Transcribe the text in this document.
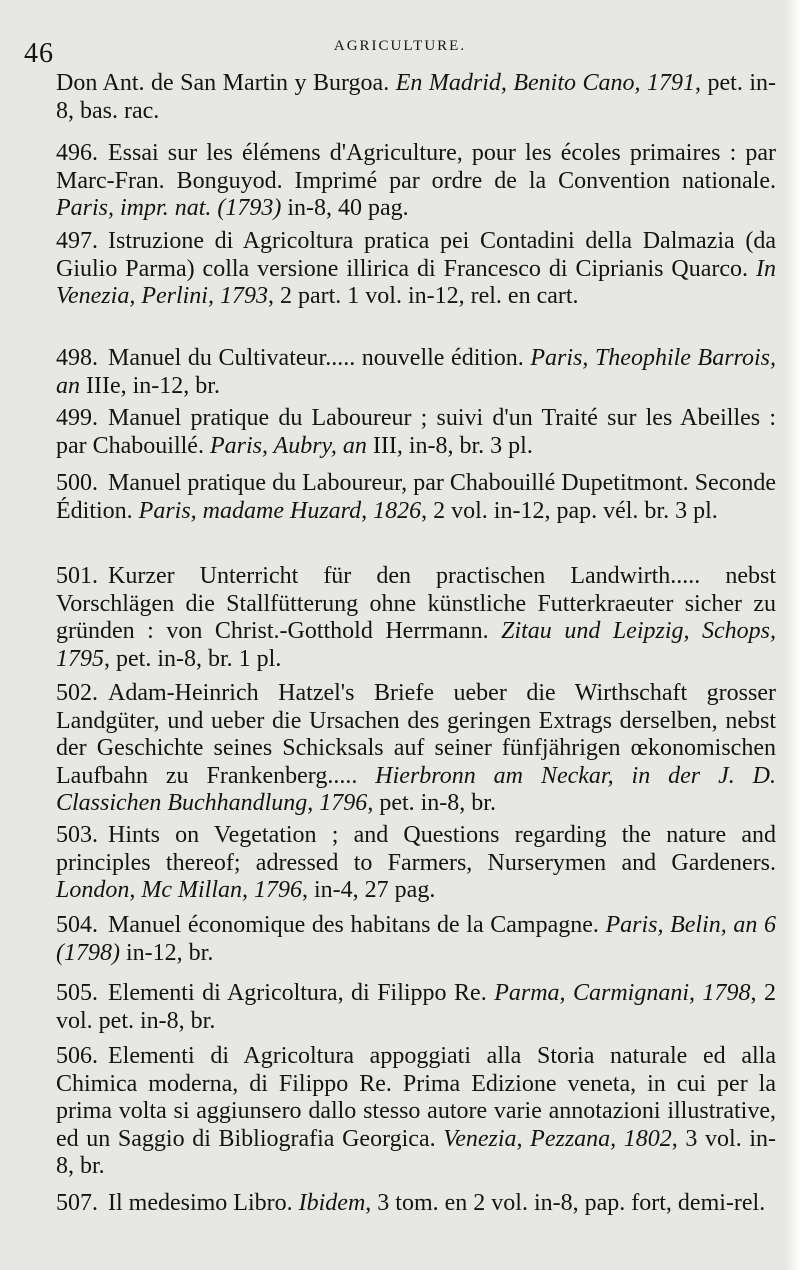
46	AGRICULTURE.

Don Ant. de San Martin y Burgoa. En Madrid, Benito Cano, 1791, pet. in-8, bas. rac.

496. Essai sur les élémens d'Agriculture, pour les écoles primaires : par Marc-Fran. Bonguyod. Imprimé par ordre de la Convention nationale. Paris, impr. nat. (1793) in-8, 40 pag.

497. Istruzione di Agricoltura pratica pei Contadini della Dalmazia (da Giulio Parma) colla versione illirica di Francesco di Ciprianis Quarco. In Venezia, Perlini, 1793, 2 part. 1 vol. in-12, rel. en cart.

498. Manuel du Cultivateur..... nouvelle édition. Paris, Theophile Barrois, an IIIe, in-12, br.

499. Manuel pratique du Laboureur ; suivi d'un Traité sur les Abeilles : par Chabouillé. Paris, Aubry, an III, in-8, br. 3 pl.

500. Manuel pratique du Laboureur, par Chabouillé Dupetitmont. Seconde Édition. Paris, madame Huzard, 1826, 2 vol. in-12, pap. vél. br. 3 pl.

501. Kurzer Unterricht für den practischen Landwirth..... nebst Vorschlägen die Stallfütterung ohne künstliche Futterkraeuter sicher zu gründen : von Christ.-Gotthold Herrmann. Zitau und Leipzig, Schops, 1795, pet. in-8, br. 1 pl.

502. Adam-Heinrich Hatzel's Briefe ueber die Wirthschaft grosser Landgüter, und ueber die Ursachen des geringen Extrags derselben, nebst der Geschichte seines Schicksals auf seiner fünfjährigen œkonomischen Laufbahn zu Frankenberg..... Hierbronn am Neckar, in der J. D. Classichen Buchhandlung, 1796, pet. in-8, br.

503. Hints on Vegetation ; and Questions regarding the nature and principles thereof; adressed to Farmers, Nurserymen and Gardeners. London, Mc Millan, 1796, in-4, 27 pag.

504. Manuel économique des habitans de la Campagne. Paris, Belin, an 6 (1798) in-12, br.

505. Elementi di Agricoltura, di Filippo Re. Parma, Carmignani, 1798, 2 vol. pet. in-8, br.

506. Elementi di Agricoltura appoggiati alla Storia naturale ed alla Chimica moderna, di Filippo Re. Prima Edizione veneta, in cui per la prima volta si aggiunsero dallo stesso autore varie annotazioni illustrative, ed un Saggio di Bibliografia Georgica. Venezia, Pezzana, 1802, 3 vol. in-8, br.

507. Il medesimo Libro. Ibidem, 3 tom. en 2 vol. in-8, pap. fort, demi-rel.
